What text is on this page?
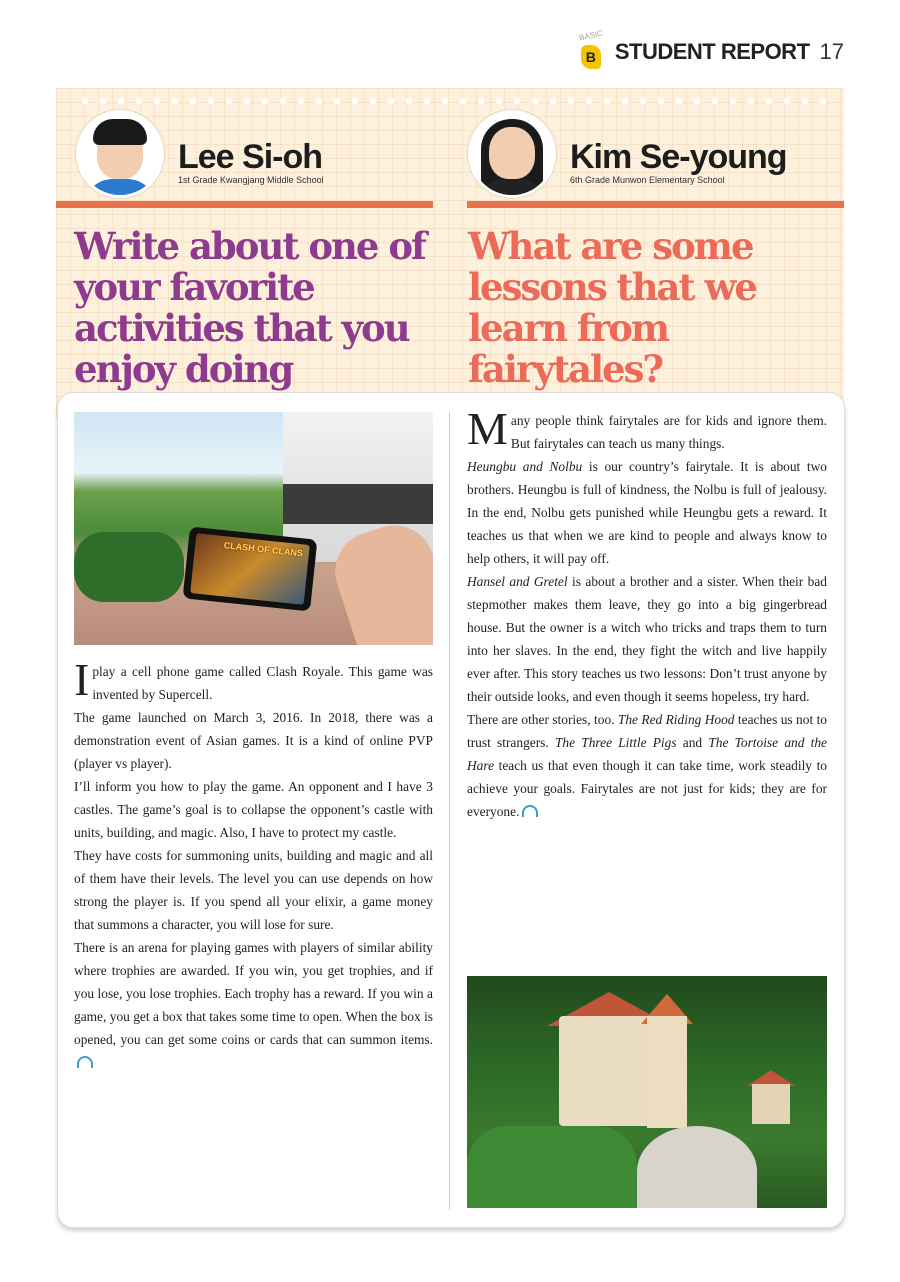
BASIC
B STUDENT REPORT 17
Lee Si-oh
1st Grade Kwangjang Middle School
Kim Se-young
6th Grade Munwon Elementary School
Write about one of your favorite activities that you enjoy doing
What are some lessons that we learn from fairytales?
CLASH OF CLANS

I play a cell phone game called Clash Royale. This game was invented by Supercell.

The game launched on March 3, 2016. In 2018, there was a demonstration event of Asian games. It is a kind of online PVP (player vs player).

I’ll inform you how to play the game. An opponent and I have 3 castles. The game’s goal is to collapse the opponent’s castle with units, building, and magic. Also, I have to protect my castle.

They have costs for summoning units, building and magic and all of them have their levels. The level you can use depends on how strong the player is. If you spend all your elixir, a game money that summons a character, you will lose for sure.

There is an arena for playing games with players of similar ability where trophies are awarded. If you win, you get trophies, and if you lose, you lose trophies. Each trophy has a reward. If you win a game, you get a box that takes some time to open. When the box is opened, you can get some coins or cards that can summon items.

Many people think fairytales are for kids and ignore them. But fairytales can teach us many things.

Heungbu and Nolbu is our country’s fairytale. It is about two brothers. Heungbu is full of kindness, the Nolbu is full of jealousy. In the end, Nolbu gets punished while Heungbu gets a reward. It teaches us that when we are kind to people and always know to help others, it will pay off.

Hansel and Gretel is about a brother and a sister. When their bad stepmother makes them leave, they go into a big gingerbread house. But the owner is a witch who tricks and traps them to turn into her slaves. In the end, they fight the witch and live happily ever after. This story teaches us two lessons: Don’t trust anyone by their outside looks, and even though it seems hopeless, try hard.

There are other stories, too. The Red Riding Hood teaches us not to trust strangers. The Three Little Pigs and The Tortoise and the Hare teach us that even though it can take time, work steadily to achieve your goals. Fairytales are not just for kids; they are for everyone.
